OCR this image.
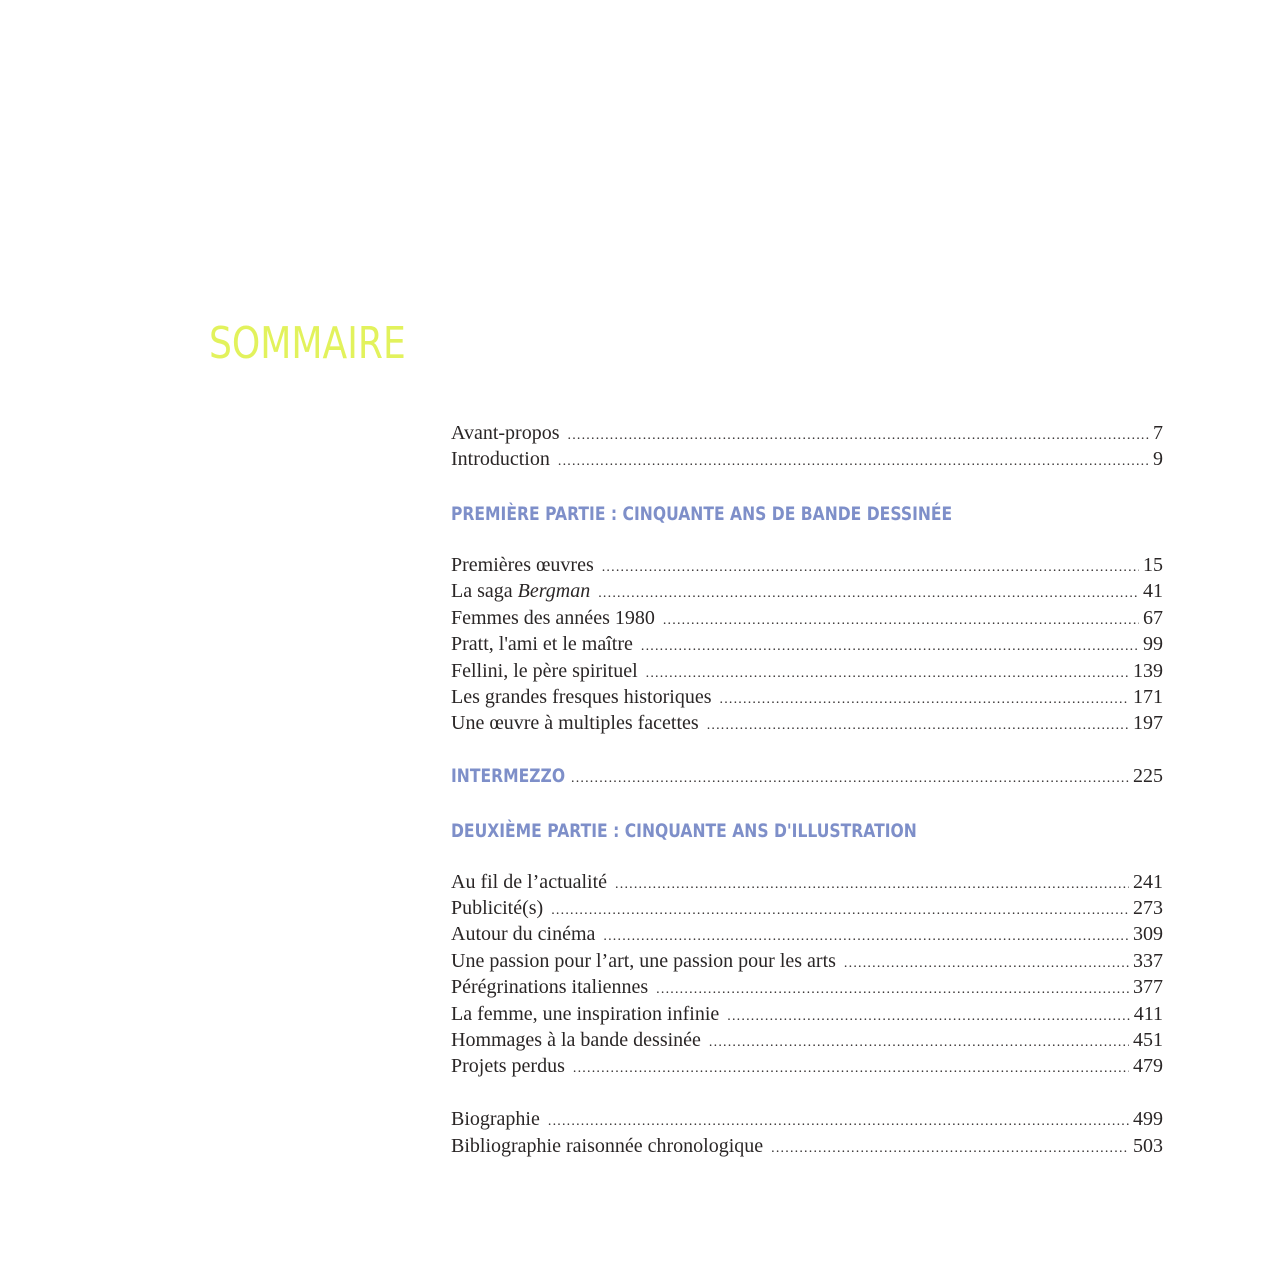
SOMMAIRE
Avant-propos .....	7
Introduction .....	9
PREMIÈRE PARTIE : CINQUANTE ANS DE BANDE DESSINÉE
Premières œuvres .....	15
La saga Bergman .....	41
Femmes des années 1980 .....	67
Pratt, l'ami et le maître .....	99
Fellini, le père spirituel .....	139
Les grandes fresques historiques .....	171
Une œuvre à multiples facettes .....	197
INTERMEZZO .....	225
DEUXIÈME PARTIE : CINQUANTE ANS D'ILLUSTRATION
Au fil de l’actualité .....	241
Publicité(s) .....	273
Autour du cinéma .....	309
Une passion pour l’art, une passion pour les arts .....	337
Pérégrinations italiennes .....	377
La femme, une inspiration infinie .....	411
Hommages à la bande dessinée .....	451
Projets perdus .....	479
Biographie .....	499
Bibliographie raisonnée chronologique .....	503
